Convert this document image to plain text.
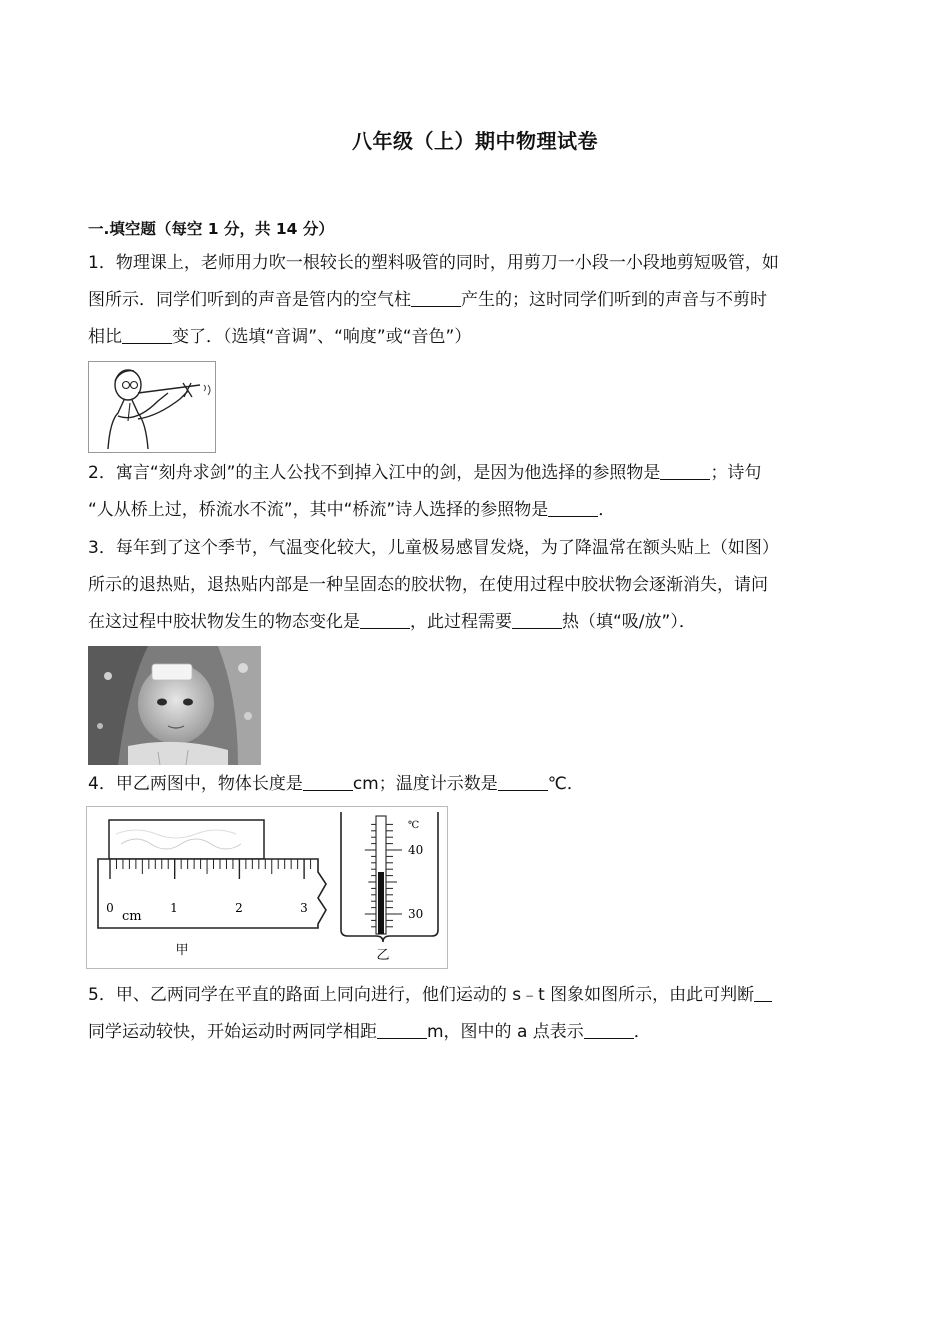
八年级（上）期中物理试卷
一.填空题（每空 1 分，共 14 分）

1．物理课上，老师用力吹一根较长的塑料吸管的同时，用剪刀一小段一小段地剪短吸管，如

图所示．同学们听到的声音是管内的空气柱	产生的；这时同学们听到的声音与不剪时

相比	变了．（选填“音调”、“响度”或“音色”）

2．寓言“刻舟求剑”的主人公找不到掉入江中的剑，是因为他选择的参照物是	；诗句

“人从桥上过，桥流水不流”，其中“桥流”诗人选择的参照物是	．

3．每年到了这个季节，气温变化较大，儿童极易感冒发烧，为了降温常在额头贴上（如图）

所示的退热贴，退热贴内部是一种呈固态的胶状物，在使用过程中胶状物会逐渐消失，请问

在这过程中胶状物发生的物态变化是	，此过程需要	热（填“吸/放”）．

4．甲乙两图中，物体长度是	cm；温度计示数是	℃．

0
cm
1	2	3
甲
℃
40
30
乙

5．甲、乙两同学在平直的路面上同向进行，他们运动的 s﹣t 图象如图所示，由此可判断

同学运动较快，开始运动时两同学相距	m，图中的 a 点表示	．
